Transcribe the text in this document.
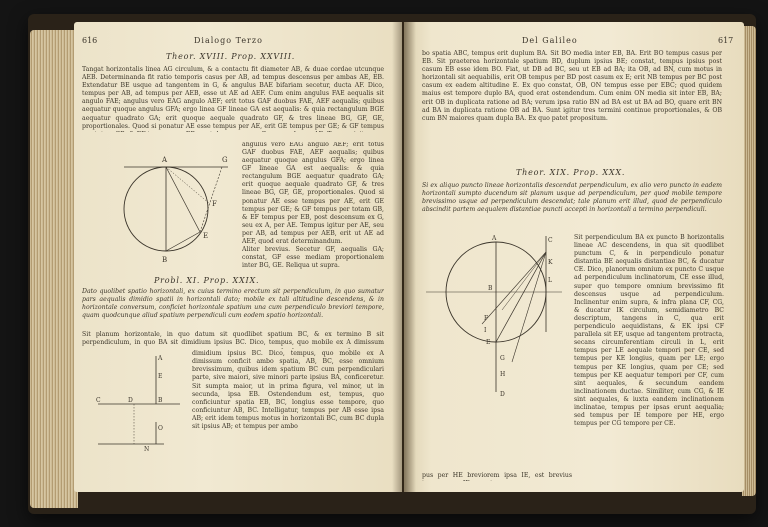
616	Dialogo Terzo
Theor. XVIII. Prop. XXVIII.

Tangat horizontalis linea AG circulum, & a contactu fit diameter AB, & duae cordae utcunque AEB. Determinanda fit ratio temporis casus per AB, ad tempus descensus per ambas AE, EB. Extendatur BE usque ad tangentem in G, & angulus BAE bifariam secetur, ducta AF. Dico, tempus per AB, ad tempus per AEB, esse ut AE ad AEF. Cum enim angulus FAE aequalis sit angulo FAE; angulus vero EAG angulo AEF; erit totus GAF duobus FAE, AEF aequalis; quibus aequatur quoque angulus GFA; ergo linea GF lineae GA est aequalis: & quia rectangulum BGE aequatur quadrato GA; erit quoque aequale quadrato GF, & tres lineae BG, GF, GE, proportionales. Quod si ponatur AE esse tempus per AE, erit GE tempus per GE; & GF tempus

A	G
F
E
B

angulus vero EAG angulo AEF; erit totus GAF duobus FAE, AEF aequalis; quibus aequatur quoque angulus GFA; ergo linea GF lineae GA est aequalis: & quia rectangulum BGE aequatur quadrato GA; erit quoque aequale quadrato GF, & tres lineae BG, GF, GE, proportionales. Quod si ponatur AE esse tempus per AE, erit GE tempus per GE; & GF tempus per totam GB, & EF tempus per EB, post descensum ex G, seu ex A, per AE. Tempus igitur per AE, seu per AB, ad tempus per AEB, erit ut AE ad AEF, quod erat determinandum.

Aliter brevius. Secetur GF, aequalis GA; constat, GF esse mediam proportionalem inter BG, GE. Reliqua ut supra.

Probl. XI. Prop. XXIX.

Dato quolibet spatio horizontali, ex cuius termino erectum sit perpendiculum, in quo sumatur pars aequalis dimidio spatii in horizontali dato; mobile ex tali altitudine descendens, & in horizontale conversum, conficiet horizontale spatium una cum perpendiculo breviori tempore, quam quodcunque aliud spatium perpendiculi cum eodem spatio horizontali.

Sit planum horizontale, in quo datum sit quodlibet spatium BC, & ex termino B sit perpendiculum, in quo BA sit dimidium ipsius BC. Dico, tempus, quo mobile ex A dimissum

A
E
B
C	D
O
N

dimidium ipsius BC. Dico, tempus, quo mobile ex A dimissum conficit ambo spatia, AB, BC, esse omnium brevissimum, quibus idem spatium BC cum perpendiculari parte, sive maiori, sive minori parte ipsius BA, conficeretur. Sit sumpta maior, ut in prima figura, vel minor, ut in secunda, ipsa EB. Ostendendum est, tempus, quo conficiuntur spatia EB, BC, longius esse tempore, quo conficiuntur AB, BC. Intelligatur, tempus per AB esse ipsa AB; erit idem tempus motus in horizontali BC, cum BC dupla sit ipsius AB; et tempus per ambo

Del Galileo	617

bo spatia ABC, tempus erit duplum BA. Sit BO media inter EB, BA. Erit BO tempus casus per EB. Sit praeterea horizontale spatium BD, duplum ipsius BE; constat, tempus ipsius post casum EB esse idem BO. Fiat, ut DB ad BC, seu ut EB ad BA; ita OB, ad BN, cum motus in horizontali sit aequabilis, erit OB tempus per BD post casum ex E; erit NB tempus per BC post casum ex eadem altitudine E. Ex quo constat, OB, ON tempus esse per EBC; quod quidem maius est tempore duplo BA, quod erat ostendendum. Cum enim ON media sit inter EB, BA; erit OB in duplicata ratione ad BA; verum ipsa ratio BN ad BA est ut BA ad BO, quare erit BN ad BA in duplicata ratione OB ad BA. Sunt igitur tres termini continue proportionales, & OB cum BN maiores quam dupla BA. Ex quo patet propositum.

Theor. XIX. Prop. XXX.

Si ex aliquo puncto lineae horizontalis descendat perpendiculum, ex alio vero puncto in eadem horizontali sumpto ducendum sit planum usque ad perpendiculum, per quod mobile tempore brevissimo usque ad perpendiculum descendat; tale planum erit illud, quod de perpendiculo abscindit partem aequalem distantiae puncti accepti in horizontali a termino perpendiculi.

C
K
L
A
B
F
I
E
G
H
D

Sit perpendiculum BA ex puncto B horizontalis lineae AC descendens, in qua sit quodlibet punctum C, & in perpendiculo ponatur distantia BE aequalis distantiae BC, & ducatur CE. Dico, planorum omnium ex puncto C usque ad perpendiculum inclinatorum, CE esse illud, super quo tempore omnium brevissimo fit descensus usque ad perpendiculum. Inclinentur enim supra, & infra plana CF, CG, & ducatur IK circulum, semidiametro BC descriptum, tangens in C, qua erit perpendiculo aequidistans, & EK ipsi CF parallela sit EF, usque ad tangentem protracta, secans circumferentiam circuli in L, erit tempus per LE aequale tempori per CE, sed tempus per KE longius, quam per LE; ergo tempus per KE longius, quam per CE; sed tempus per KE aequatur tempori per CF, cum sint aequales, & secundum eandem inclinationem ductae. Similiter, cum CG, & IE sint aequales, & iuxta eandem inclinationem inclinatae, tempus per ipsas erunt aequalia; sed tempus per IE tempore per HE, ergo tempus per CG tempore per CE.

pus per HE breviorem ipsa IE, est brevius
